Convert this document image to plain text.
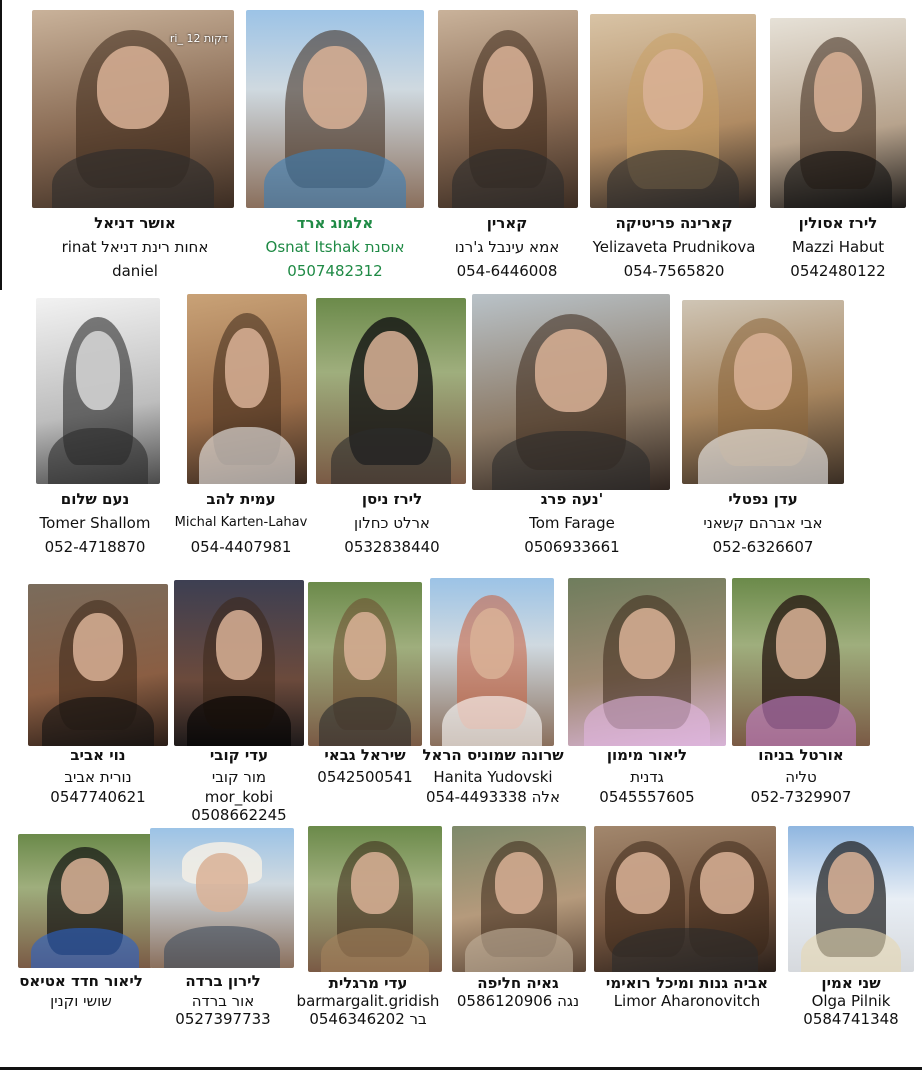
ri_ 12 דקות
אושר דניאל
rinat אחות רינת דניאל
daniel
אלמוג ארד
Osnat Itshak אוסנת
0507482312
קארין
אמא עינבל ג'רנו
054-6446008
קארינה פריטיקה
Yelizaveta Prudnikova
054-7565820
לירז אסולין
Mazzi Habut
0542480122
נעם שלום
Tomer Shallom
052-4718870
עמית להב
Michal Karten-Lahav
054-4407981
לירז ניסן
ארלט כחלון
0532838440
נעה פרג'
Tom Farage
0506933661
עדן נפטלי
אבי אברהם קשאני
052-6326607
נוי אביב
נורית אביב
0547740621
עדי קובי
מור קובי
mor_kobi
0508662245
שיראל גבאי
0542500541
שרונה שמוניס הראל
Hanita Yudovski
054-4493338 אלה
ליאור מימון
גדנית
0545557605
אורטל בניהו
טליה
052-7329907
ליאור חדד אטיאס
שושי וקנין
לירון ברדה
אור ברדה
0527397733
עדי מרגלית
barmargalit.gridish
0546346202 בר
גאיה חליפה
0586120906 נגה
אביה גנות ומיכל רואימי
Limor Aharonovitch
שני אמין
Olga Pilnik
0584741348
